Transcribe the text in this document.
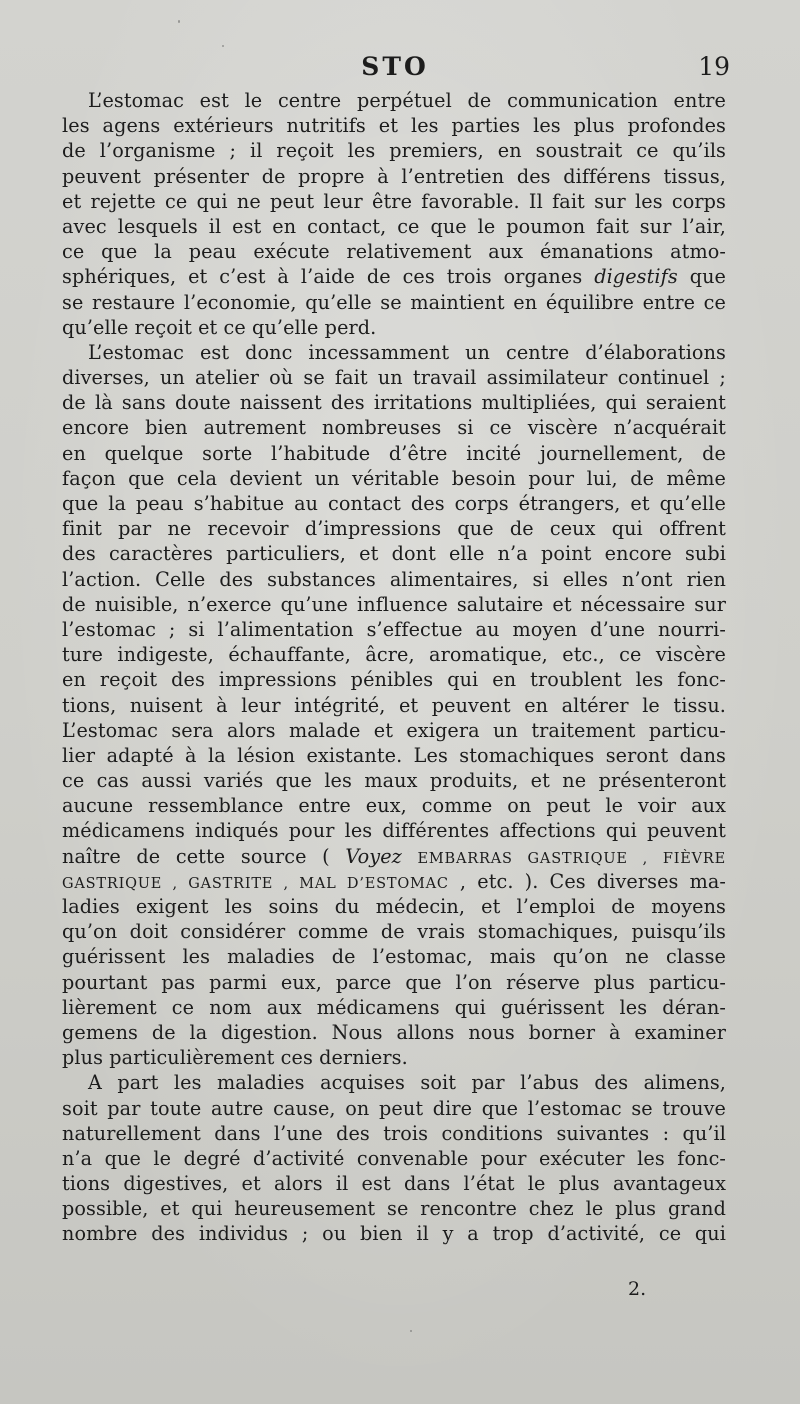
STO	19
L’estomac est le centre perpétuel de communication entre
les agens extérieurs nutritifs et les parties les plus profondes
de l’organisme ; il reçoit les premiers, en soustrait ce qu’ils
peuvent présenter de propre à l’entretien des différens tissus,
et rejette ce qui ne peut leur être favorable. Il fait sur les corps
avec lesquels il est en contact, ce que le poumon fait sur l’air,
ce que la peau exécute relativement aux émanations atmo-
sphériques, et c’est à l’aide de ces trois organes digestifs que
se restaure l’economie, qu’elle se maintient en équilibre entre ce
qu’elle reçoit et ce qu’elle perd.
L’estomac est donc incessamment un centre d’élaborations
diverses, un atelier où se fait un travail assimilateur continuel ;
de là sans doute naissent des irritations multipliées, qui seraient
encore bien autrement nombreuses si ce viscère n’acquérait
en quelque sorte l’habitude d’être incité journellement, de
façon que cela devient un véritable besoin pour lui, de même
que la peau s’habitue au contact des corps étrangers, et qu’elle
finit par ne recevoir d’impressions que de ceux qui offrent
des caractères particuliers, et dont elle n’a point encore subi
l’action. Celle des substances alimentaires, si elles n’ont rien
de nuisible, n’exerce qu’une influence salutaire et nécessaire sur
l’estomac ; si l’alimentation s’effectue au moyen d’une nourri-
ture indigeste, échauffante, âcre, aromatique, etc., ce viscère
en reçoit des impressions pénibles qui en troublent les fonc-
tions, nuisent à leur intégrité, et peuvent en altérer le tissu.
L’estomac sera alors malade et exigera un traitement particu-
lier adapté à la lésion existante. Les stomachiques seront dans
ce cas aussi variés que les maux produits, et ne présenteront
aucune ressemblance entre eux, comme on peut le voir aux
médicamens indiqués pour les différentes affections qui peuvent
naître de cette source ( Voyez EMBARRAS GASTRIQUE , FIÈVRE
GASTRIQUE , GASTRITE , MAL D’ESTOMAC , etc. ). Ces diverses ma-
ladies exigent les soins du médecin, et l’emploi de moyens
qu’on doit considérer comme de vrais stomachiques, puisqu’ils
guérissent les maladies de l’estomac, mais qu’on ne classe
pourtant pas parmi eux, parce que l’on réserve plus particu-
lièrement ce nom aux médicamens qui guérissent les déran-
gemens de la digestion. Nous allons nous borner à examiner
plus particulièrement ces derniers.
A part les maladies acquises soit par l’abus des alimens,
soit par toute autre cause, on peut dire que l’estomac se trouve
naturellement dans l’une des trois conditions suivantes : qu’il
n’a que le degré d’activité convenable pour exécuter les fonc-
tions digestives, et alors il est dans l’état le plus avantageux
possible, et qui heureusement se rencontre chez le plus grand
nombre des individus ; ou bien il y a trop d’activité, ce qui
2.
